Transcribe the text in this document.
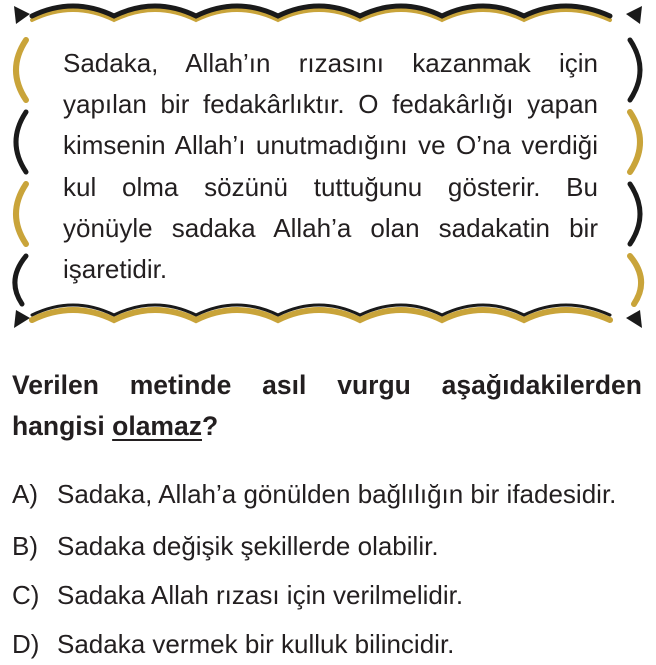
Sadaka, Allah’ın rızasını kazanmak için yapılan bir fedakârlıktır. O fedakârlığı yapan kimsenin Allah’ı unutmadığını ve O’na verdiği kul olma sözünü tuttuğunu gösterir. Bu yönüyle sadaka Allah’a olan sadakatin bir işaretidir.

Verilen metinde asıl vurgu aşağıdakilerden hangisi olamaz?

A) Sadaka, Allah’a gönülden bağlılığın bir ifadesidir.
B) Sadaka değişik şekillerde olabilir.
C) Sadaka Allah rızası için verilmelidir.
D) Sadaka vermek bir kulluk bilincidir.
